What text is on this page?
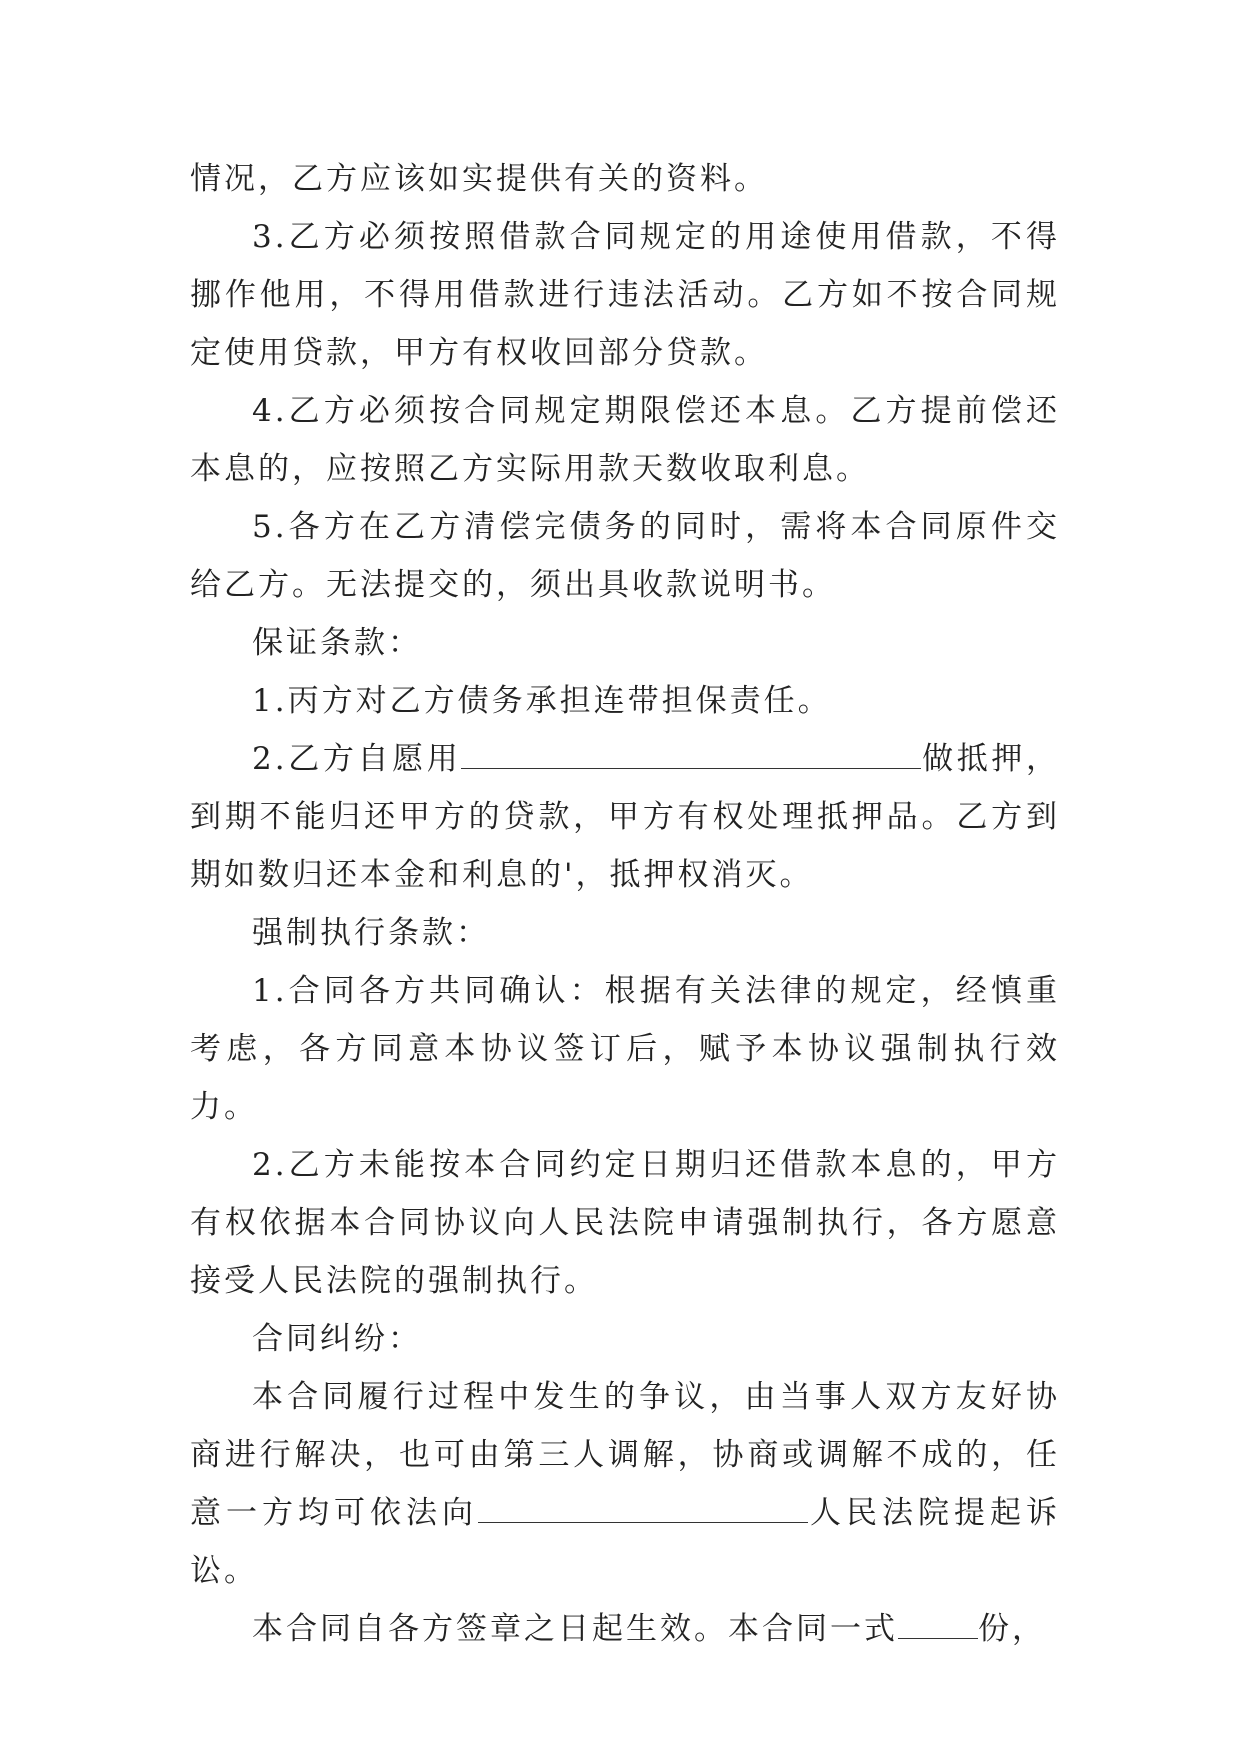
情况，乙方应该如实提供有关的资料。

3.乙方必须按照借款合同规定的用途使用借款，不得挪作他用，不得用借款进行违法活动。乙方如不按合同规定使用贷款，甲方有权收回部分贷款。

4.乙方必须按合同规定期限偿还本息。乙方提前偿还本息的，应按照乙方实际用款天数收取利息。

5.各方在乙方清偿完债务的同时，需将本合同原件交给乙方。无法提交的，须出具收款说明书。

保证条款：

1.丙方对乙方债务承担连带担保责任。

2.乙方自愿用	做抵押，到期不能归还甲方的贷款，甲方有权处理抵押品。乙方到期如数归还本金和利息的'，抵押权消灭。

强制执行条款：

1.合同各方共同确认：根据有关法律的规定，经慎重考虑，各方同意本协议签订后，赋予本协议强制执行效力。

2.乙方未能按本合同约定日期归还借款本息的，甲方有权依据本合同协议向人民法院申请强制执行，各方愿意接受人民法院的强制执行。

合同纠纷：

本合同履行过程中发生的争议，由当事人双方友好协商进行解决，也可由第三人调解，协商或调解不成的，任意一方均可依法向	人民法院提起诉讼。

本合同自各方签章之日起生效。本合同一式	份，
